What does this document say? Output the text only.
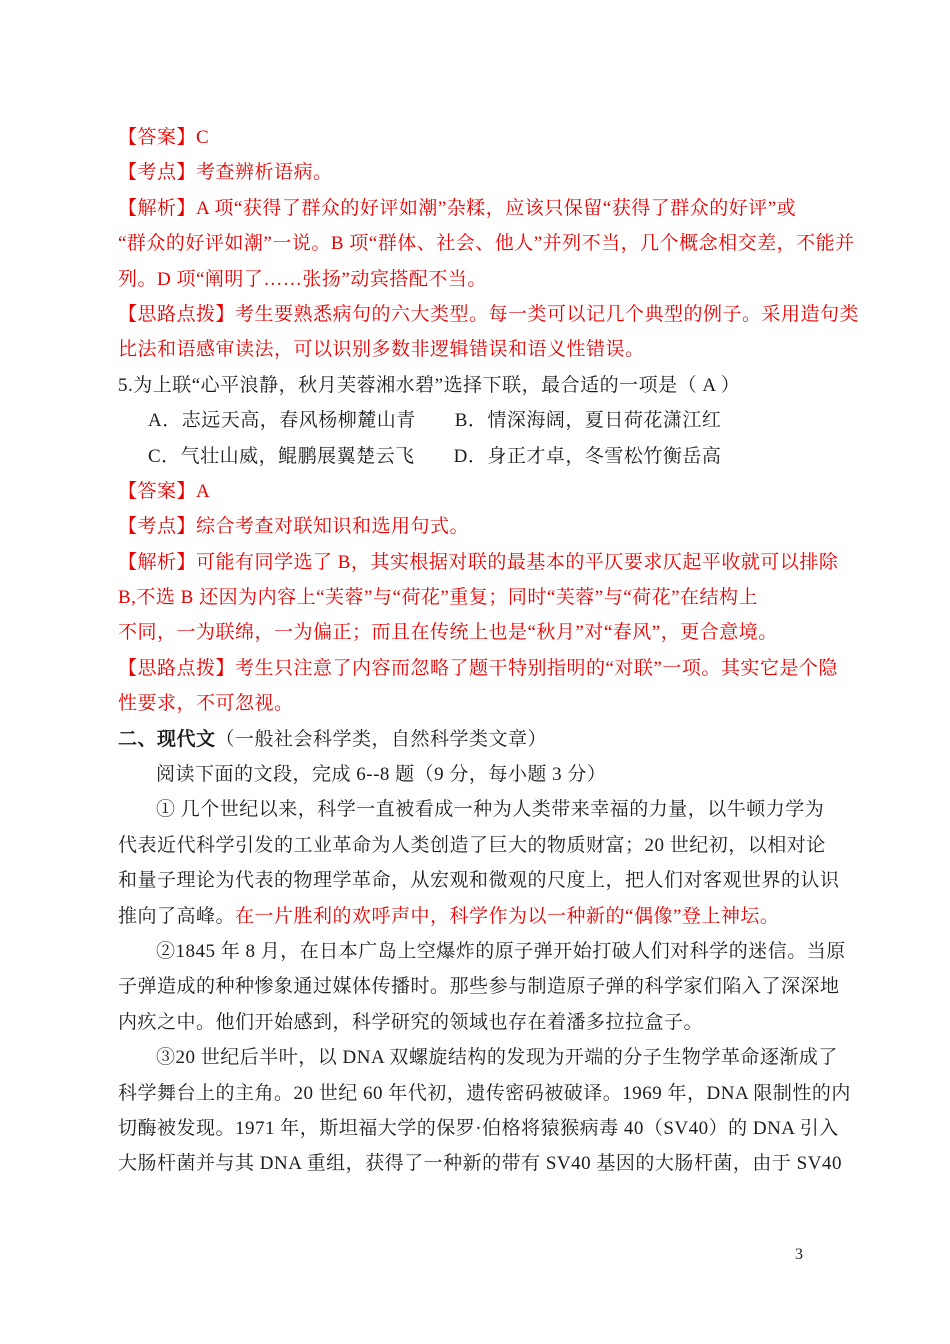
【答案】C
【考点】考查辨析语病。
【解析】A 项“获得了群众的好评如潮”杂糅，应该只保留“获得了群众的好评”或
“群众的好评如潮”一说。B 项“群体、社会、他人”并列不当，几个概念相交差，不能并
列。D 项“阐明了……张扬”动宾搭配不当。
【思路点拨】考生要熟悉病句的六大类型。每一类可以记几个典型的例子。采用造句类
比法和语感审读法，可以识别多数非逻辑错误和语义性错误。
5.为上联“心平浪静，秋月芙蓉湘水碧”选择下联，最合适的一项是（ A ）
A．志远天高，春风杨柳麓山青　　B．情深海阔，夏日荷花潇江红
C．气壮山威，鲲鹏展翼楚云飞　　D．身正才卓，冬雪松竹衡岳高
【答案】A
【考点】综合考查对联知识和选用句式。
【解析】可能有同学选了 B，其实根据对联的最基本的平仄要求仄起平收就可以排除
B,不选 B 还因为内容上“芙蓉”与“荷花”重复；同时“芙蓉”与“荷花”在结构上
不同，一为联绵，一为偏正；而且在传统上也是“秋月”对“春风”，更合意境。
【思路点拨】考生只注意了内容而忽略了题干特别指明的“对联”一项。其实它是个隐
性要求，不可忽视。
二、现代文（一般社会科学类，自然科学类文章）
阅读下面的文段，完成 6--8 题（9 分，每小题 3 分）
① 几个世纪以来，科学一直被看成一种为人类带来幸福的力量，以牛顿力学为
代表近代科学引发的工业革命为人类创造了巨大的物质财富；20 世纪初，以相对论
和量子理论为代表的物理学革命，从宏观和微观的尺度上，把人们对客观世界的认识
推向了高峰。在一片胜利的欢呼声中，科学作为以一种新的“偶像”登上神坛。
②1845 年 8 月，在日本广岛上空爆炸的原子弹开始打破人们对科学的迷信。当原
子弹造成的种种惨象通过媒体传播时。那些参与制造原子弹的科学家们陷入了深深地
内疚之中。他们开始感到，科学研究的领域也存在着潘多拉拉盒子。
③20 世纪后半叶，以 DNA 双螺旋结构的发现为开端的分子生物学革命逐渐成了
科学舞台上的主角。20 世纪 60 年代初，遗传密码被破译。1969 年，DNA 限制性的内
切酶被发现。1971 年，斯坦福大学的保罗·伯格将猿猴病毒 40（SV40）的 DNA 引入
大肠杆菌并与其 DNA 重组，获得了一种新的带有 SV40 基因的大肠杆菌，由于 SV40
3
